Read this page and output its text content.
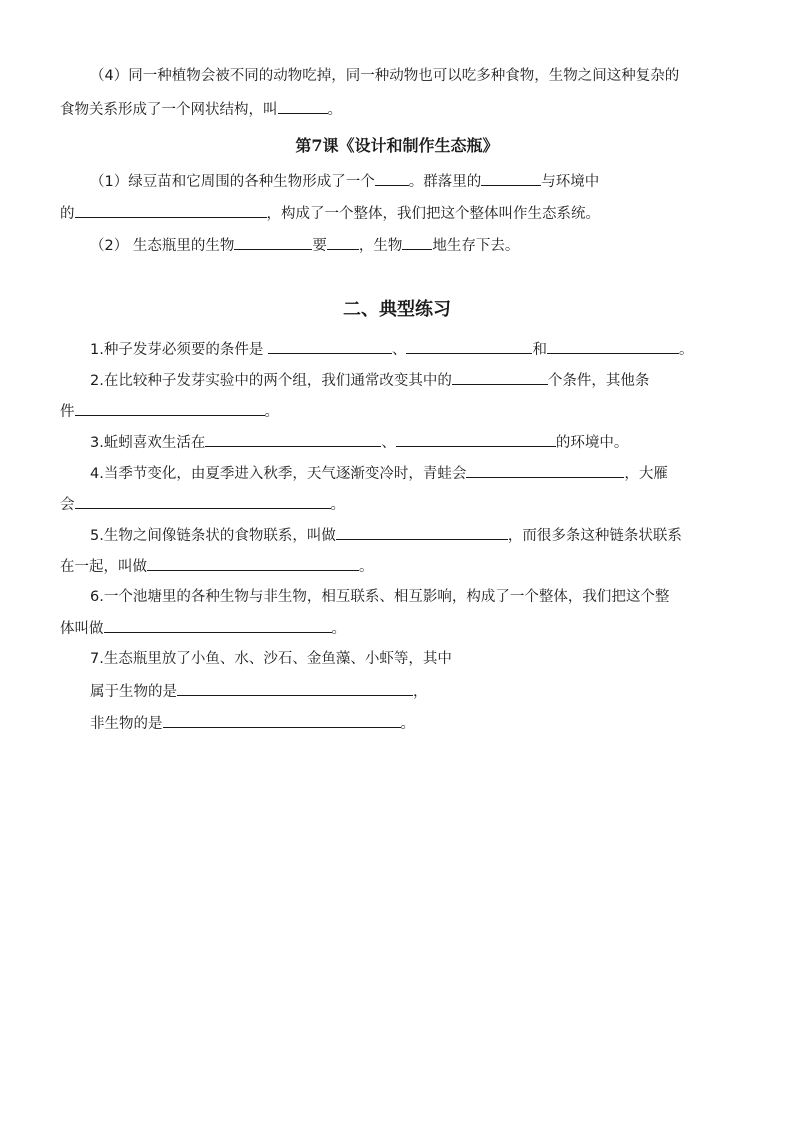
（4）同一种植物会被不同的动物吃掉，同一种动物也可以吃多种食物，生物之间这种复杂的
食物关系形成了一个网状结构，叫	。
第7课《设计和制作生态瓶》
（1）绿豆苗和它周围的各种生物形成了一个 。群落里的	与环境中
的	，构成了一个整体，我们把这个整体叫作生态系统。
（2） 生态瓶里的生物	要 ，生物 地生存下去。
二、典型练习
1.种子发芽必须要的条件是	、	和	。
2.在比较种子发芽实验中的两个组，我们通常改变其中的	个条件，其他条
件	。
3.蚯蚓喜欢生活在	、	的环境中。
4.当季节变化，由夏季进入秋季，天气逐渐变冷时，青蛙会	，大雁
会	。
5.生物之间像链条状的食物联系，叫做	，而很多条这种链条状联系
在一起，叫做	。
6.一个池塘里的各种生物与非生物，相互联系、相互影响，构成了一个整体，我们把这个整
体叫做	。
7.生态瓶里放了小鱼、水、沙石、金鱼藻、小虾等，其中
属于生物的是	，
非生物的是	。
